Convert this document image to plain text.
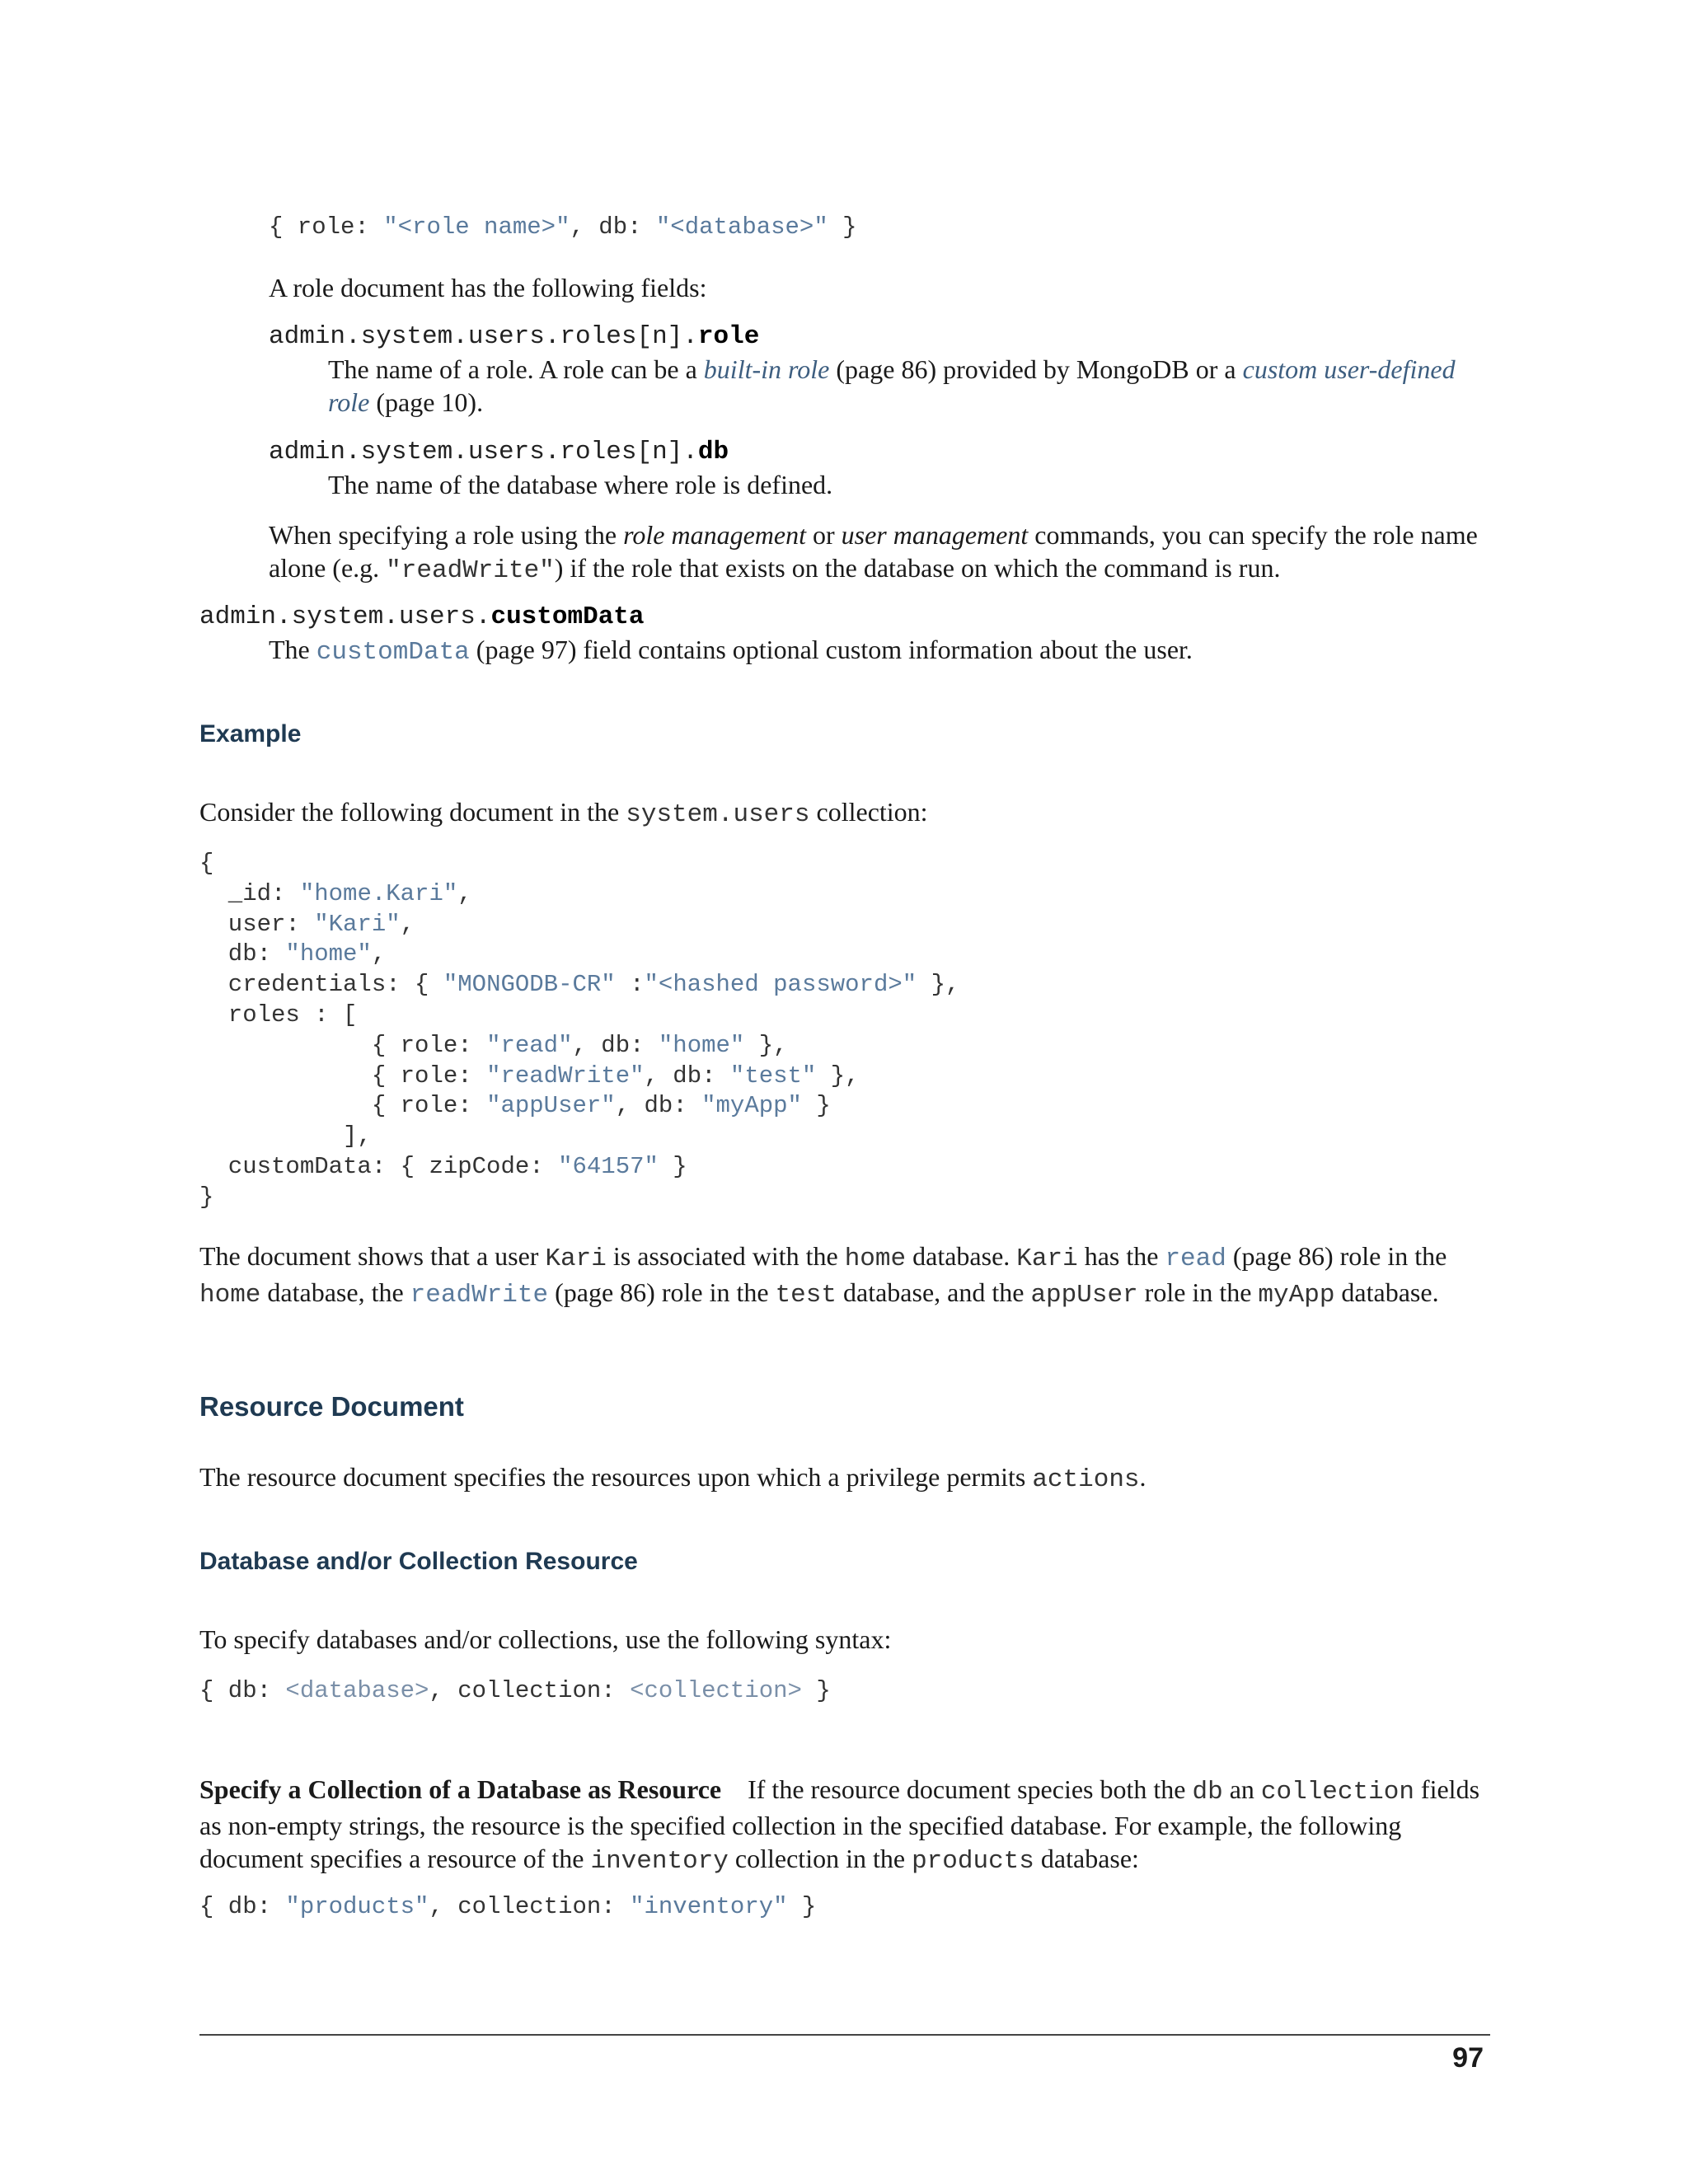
{ role: "<role name>", db: "<database>" }

A role document has the following fields:

admin.system.users.roles[n].role

The name of a role. A role can be a built-in role (page 86) provided by MongoDB or a custom user-defined role (page 10).

admin.system.users.roles[n].db

The name of the database where role is defined.

When specifying a role using the role management or user management commands, you can specify the role name alone (e.g. "readWrite") if the role that exists on the database on which the command is run.

admin.system.users.customData

The customData (page 97) field contains optional custom information about the user.

Example

Consider the following document in the system.users collection:

{
_id: "home.Kari",
user: "Kari",
db: "home",
credentials: { "MONGODB-CR" :"<hashed password>" },
roles : [
{ role: "read", db: "home" },
{ role: "readWrite", db: "test" },
{ role: "appUser", db: "myApp" }
],
customData: { zipCode: "64157" }
}

The document shows that a user Kari is associated with the home database. Kari has the read (page 86) role in the home database, the readWrite (page 86) role in the test database, and the appUser role in the myApp database.

Resource Document

The resource document specifies the resources upon which a privilege permits actions.

Database and/or Collection Resource

To specify databases and/or collections, use the following syntax:

{ db: <database>, collection: <collection> }

Specify a Collection of a Database as Resource If the resource document species both the db an collection fields as non-empty strings, the resource is the specified collection in the specified database. For example, the following document specifies a resource of the inventory collection in the products database:

{ db: "products", collection: "inventory" }
97
